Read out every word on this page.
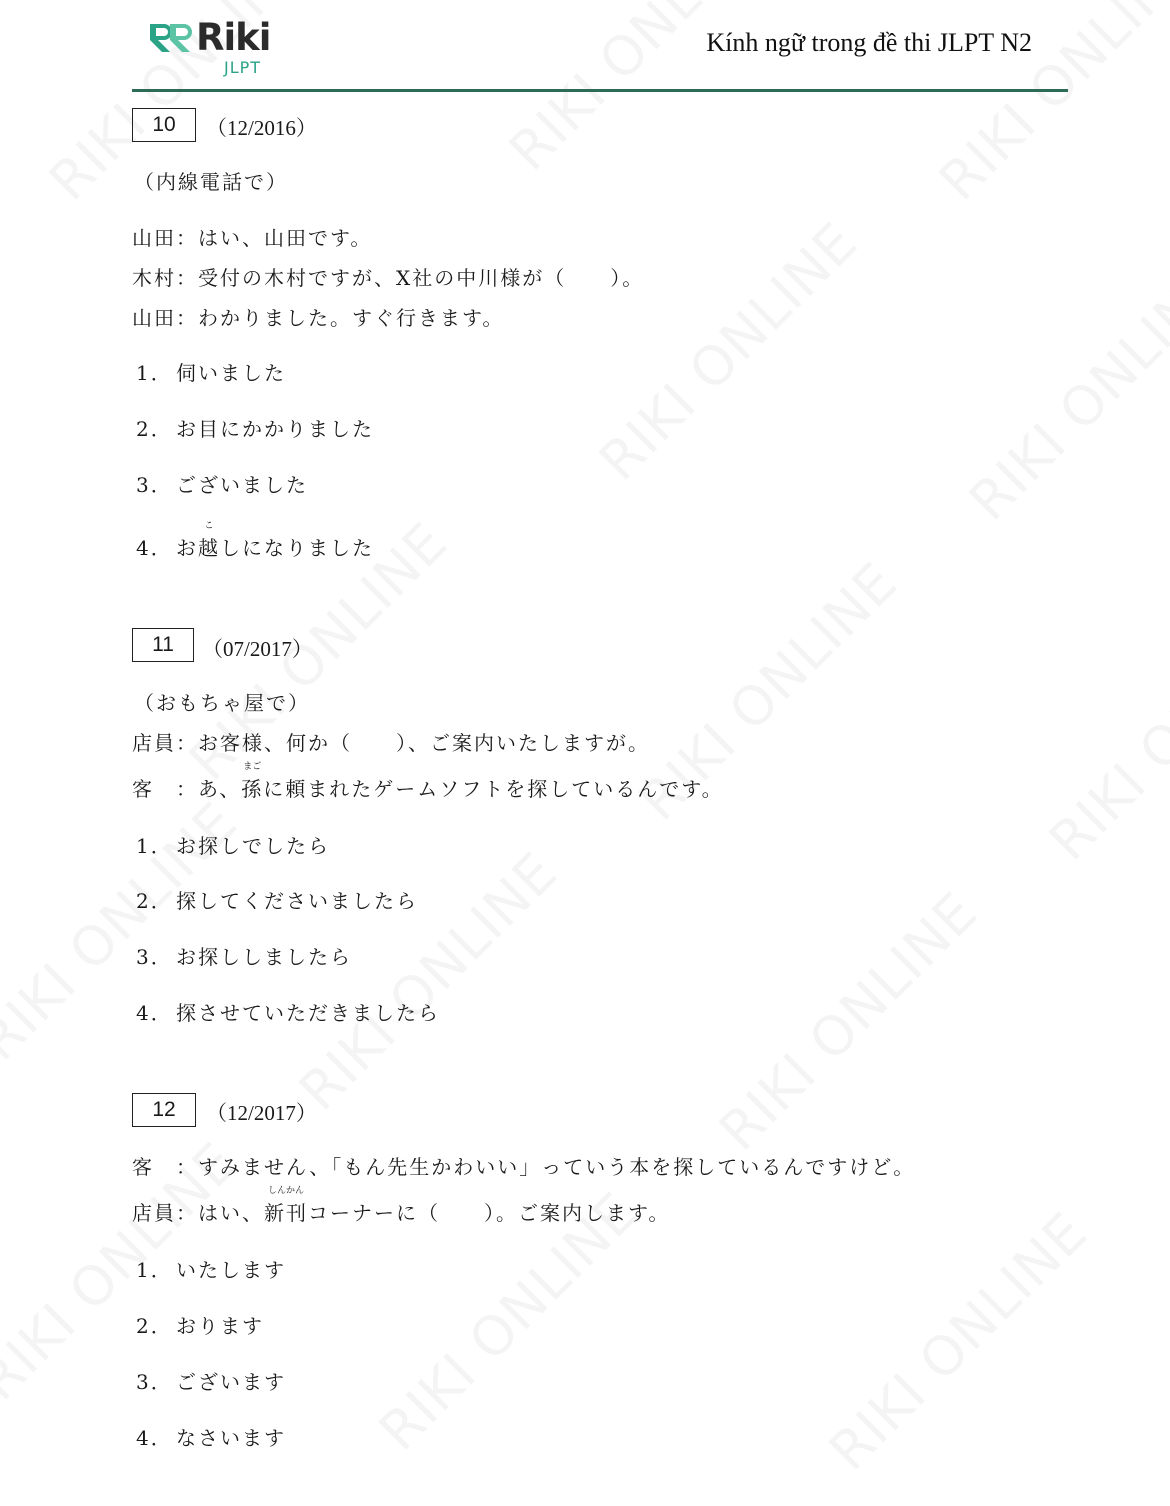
Riki
JLPT
Kính ngữ trong đề thi JLPT N2
10	（12/2016）
（内線電話で）
山田：はい、山田です。
木村：受付の木村ですが、X社の中川様が（　　）。
山田：わかりました。すぐ行きます。
1． 伺いました
2． お目にかかりました
3． ございました
4． お
こ
越しになりました
11	（07/2017）
（おもちゃ屋で）
店員：お客様、何か（　　）、ご案内いたしますが。
客　：あ、
まご
孫に頼まれたゲームソフトを探しているんです。
1． お探しでしたら
2． 探してくださいましたら
3． お探ししましたら
4． 探させていただきましたら
12	（12/2017）
客　：すみません、「もん先生かわいい」っていう本を探しているんですけど。
店員：はい、
しんかん
新刊コーナーに（　　）。ご案内します。
1． いたします
2． おります
3． ございます
4． なさいます
